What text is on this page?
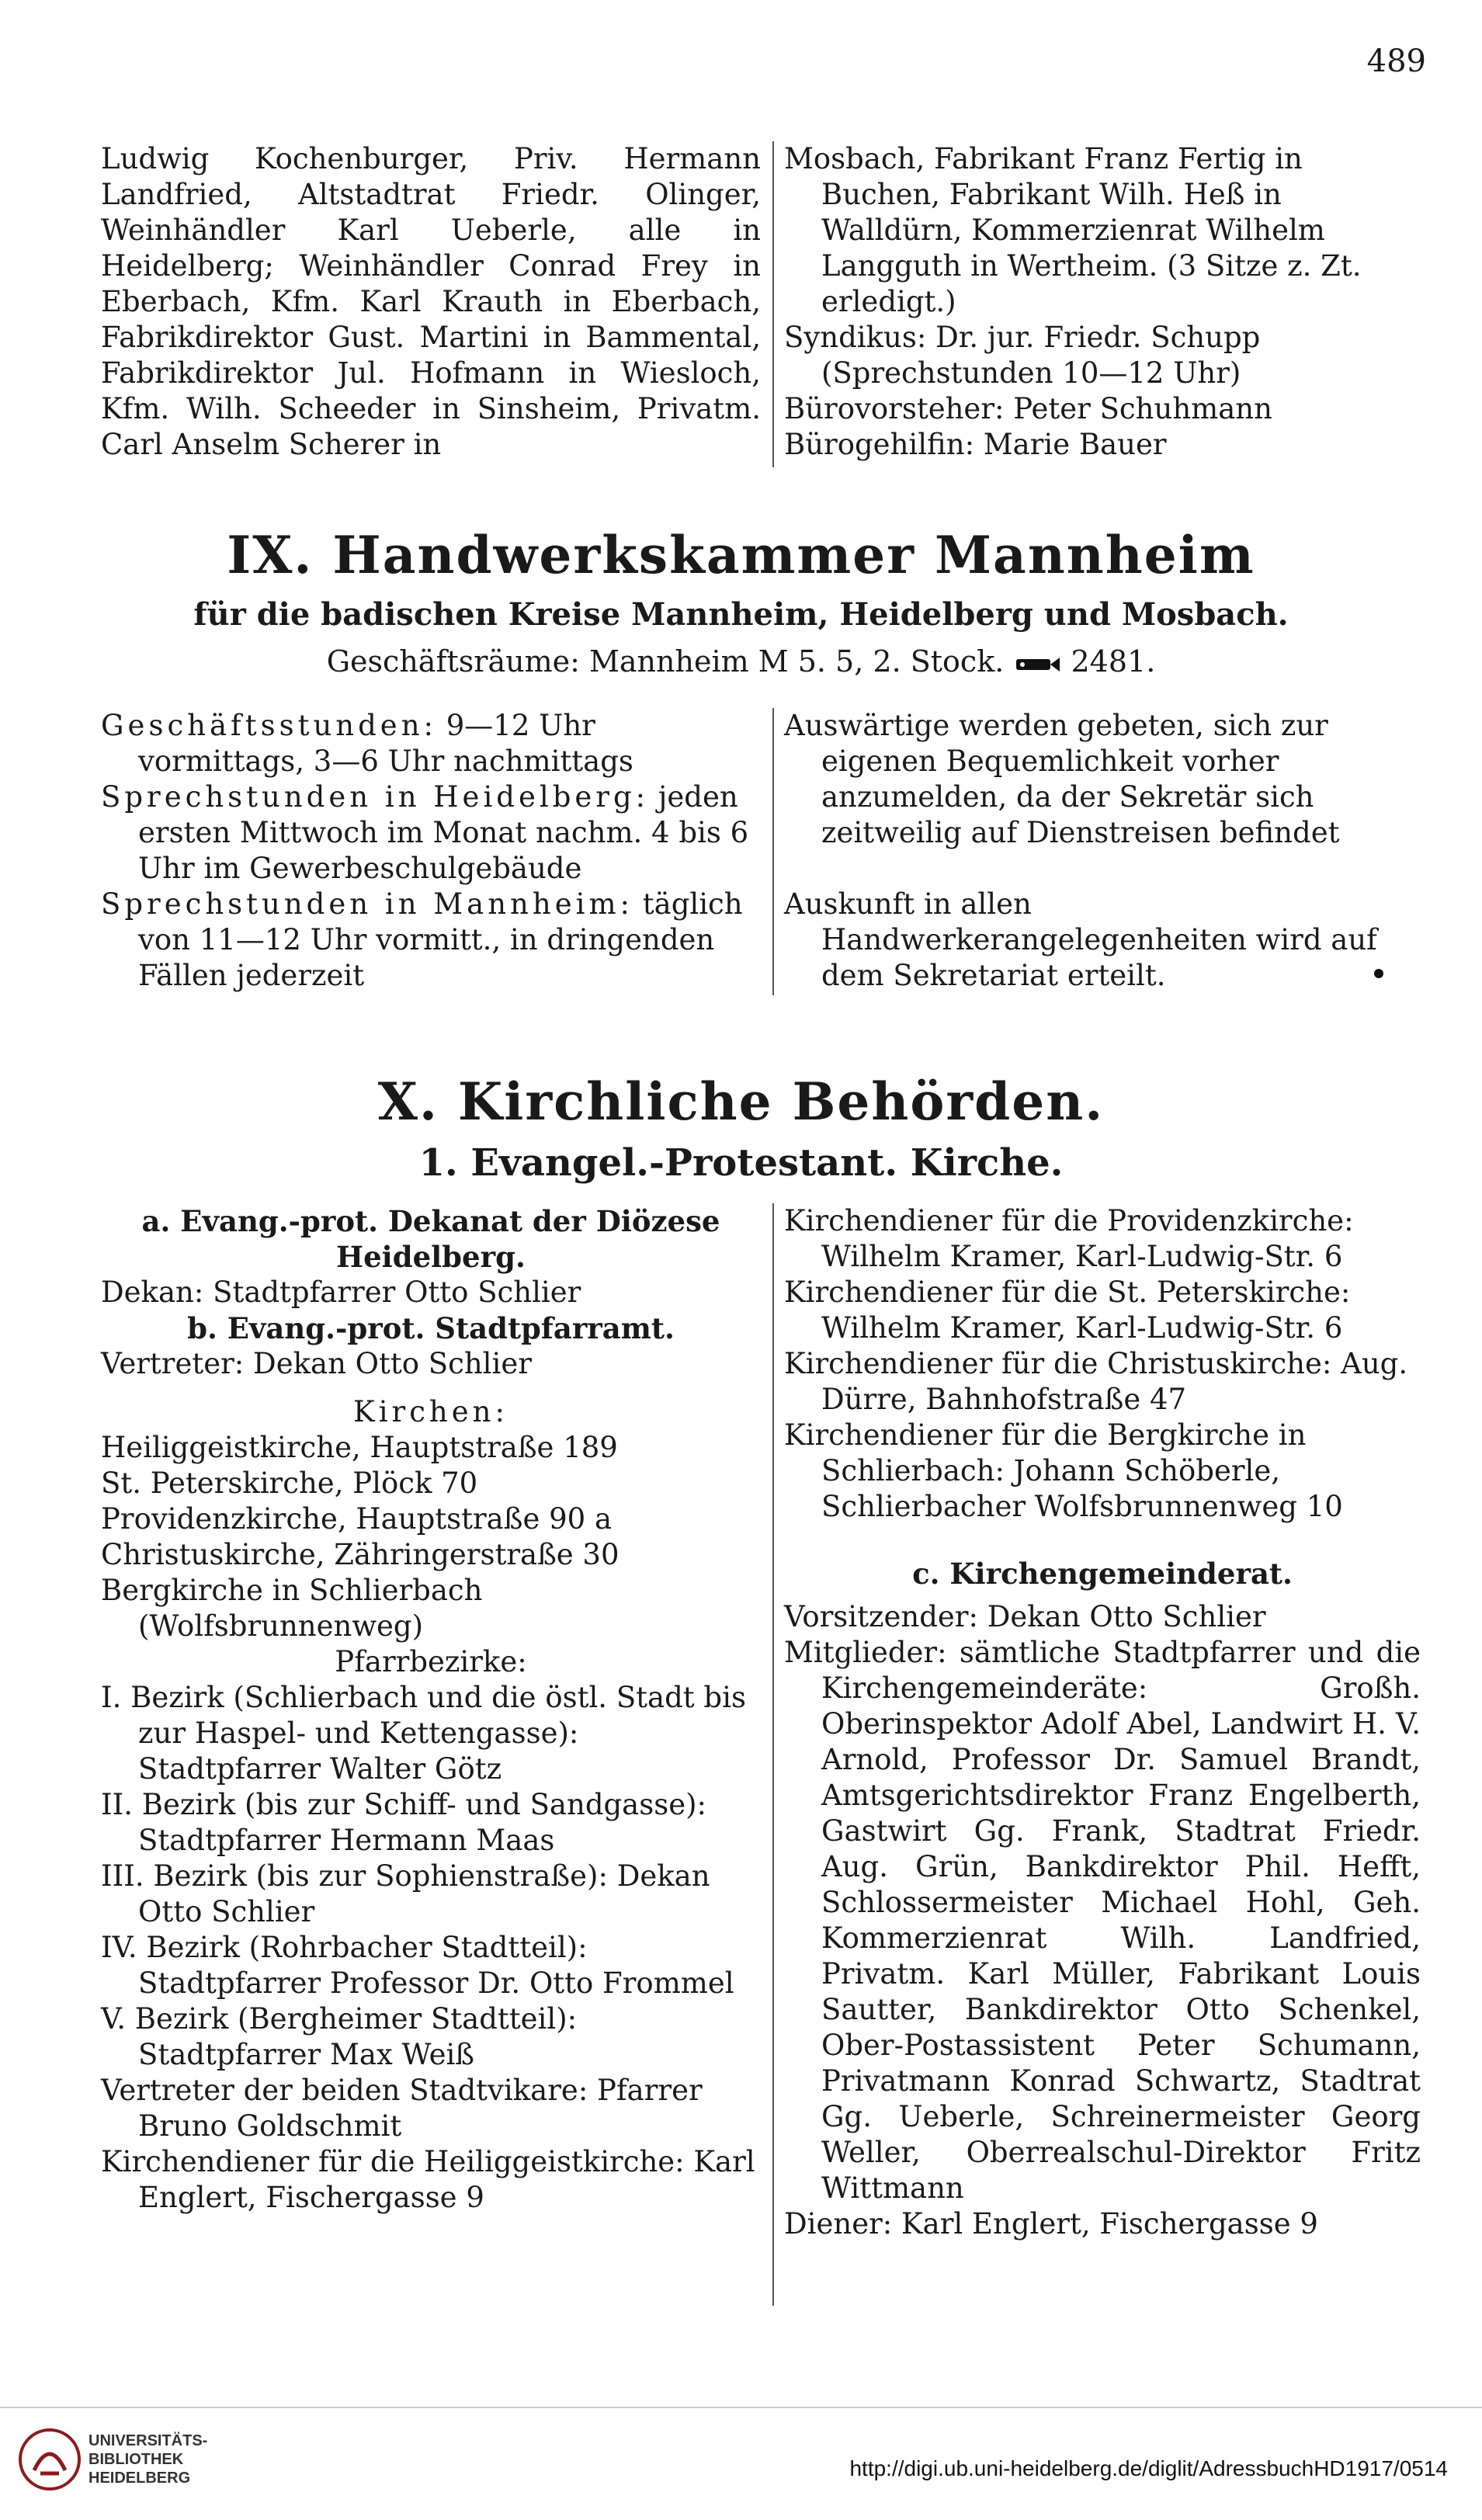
489

Ludwig Kochenburger, Priv. Hermann Landfried, Altstadtrat Friedr. Olinger, Weinhändler Karl Ueberle, alle in Heidelberg; Weinhändler Conrad Frey in Eberbach, Kfm. Karl Krauth in Eberbach, Fabrikdirektor Gust. Martini in Bammental, Fabrikdirektor Jul. Hofmann in Wiesloch, Kfm. Wilh. Scheeder in Sinsheim, Privatm. Carl Anselm Scherer in

Mosbach, Fabrikant Franz Fertig in Buchen, Fabrikant Wilh. Heß in Walldürn, Kommerzienrat Wilhelm Langguth in Wertheim. (3 Sitze z. Zt. erledigt.)

Syndikus: Dr. jur. Friedr. Schupp (Sprechstunden 10—12 Uhr)

Bürovorsteher: Peter Schuhmann

Bürogehilfin: Marie Bauer

IX. Handwerkskammer Mannheim
für die badischen Kreise Mannheim, Heidelberg und Mosbach.
Geschäftsräume: Mannheim M 5. 5, 2. Stock. 2481.

Geschäftsstunden: 9—12 Uhr vormittags, 3—6 Uhr nachmittags

Sprechstunden in Heidelberg: jeden ersten Mittwoch im Monat nachm. 4 bis 6 Uhr im Gewerbeschulgebäude

Sprechstunden in Mannheim: täglich von 11—12 Uhr vormitt., in dringenden Fällen jederzeit

Auswärtige werden gebeten, sich zur eigenen Bequemlichkeit vorher anzumelden, da der Sekretär sich zeitweilig auf Dienstreisen befindet

Auskunft in allen Handwerkerangelegenheiten wird auf dem Sekretariat erteilt.

X. Kirchliche Behörden.
1. Evangel.-Protestant. Kirche.

a. Evang.-prot. Dekanat der Diözese Heidelberg.

Dekan: Stadtpfarrer Otto Schlier

b. Evang.-prot. Stadtpfarramt.

Vertreter: Dekan Otto Schlier

Kirchen:

Heiliggeistkirche, Hauptstraße 189

St. Peterskirche, Plöck 70

Providenzkirche, Hauptstraße 90 a

Christuskirche, Zähringerstraße 30

Bergkirche in Schlierbach (Wolfsbrunnenweg)

Pfarrbezirke:

I. Bezirk (Schlierbach und die östl. Stadt bis zur Haspel- und Kettengasse): Stadtpfarrer Walter Götz

II. Bezirk (bis zur Schiff- und Sandgasse): Stadtpfarrer Hermann Maas

III. Bezirk (bis zur Sophienstraße): Dekan Otto Schlier

IV. Bezirk (Rohrbacher Stadtteil): Stadtpfarrer Professor Dr. Otto Frommel

V. Bezirk (Bergheimer Stadtteil): Stadtpfarrer Max Weiß

Vertreter der beiden Stadtvikare: Pfarrer Bruno Goldschmit

Kirchendiener für die Heiliggeistkirche: Karl Englert, Fischergasse 9

Kirchendiener für die Providenzkirche: Wilhelm Kramer, Karl-Ludwig-Str. 6

Kirchendiener für die St. Peterskirche: Wilhelm Kramer, Karl-Ludwig-Str. 6

Kirchendiener für die Christuskirche: Aug. Dürre, Bahnhofstraße 47

Kirchendiener für die Bergkirche in Schlierbach: Johann Schöberle, Schlierbacher Wolfsbrunnenweg 10

c. Kirchengemeinderat.

Vorsitzender: Dekan Otto Schlier

Mitglieder: sämtliche Stadtpfarrer und die Kirchengemeinderäte: Großh. Oberinspektor Adolf Abel, Landwirt H. V. Arnold, Professor Dr. Samuel Brandt, Amtsgerichtsdirektor Franz Engelberth, Gastwirt Gg. Frank, Stadtrat Friedr. Aug. Grün, Bankdirektor Phil. Hefft, Schlossermeister Michael Hohl, Geh. Kommerzienrat Wilh. Landfried, Privatm. Karl Müller, Fabrikant Louis Sautter, Bankdirektor Otto Schenkel, Ober-Postassistent Peter Schumann, Privatmann Konrad Schwartz, Stadtrat Gg. Ueberle, Schreinermeister Georg Weller, Oberrealschul-Direktor Fritz Wittmann

Diener: Karl Englert, Fischergasse 9

UNIVERSITÄTS-
BIBLIOTHEK
HEIDELBERG	http://digi.ub.uni-heidelberg.de/diglit/AdressbuchHD1917/0514
